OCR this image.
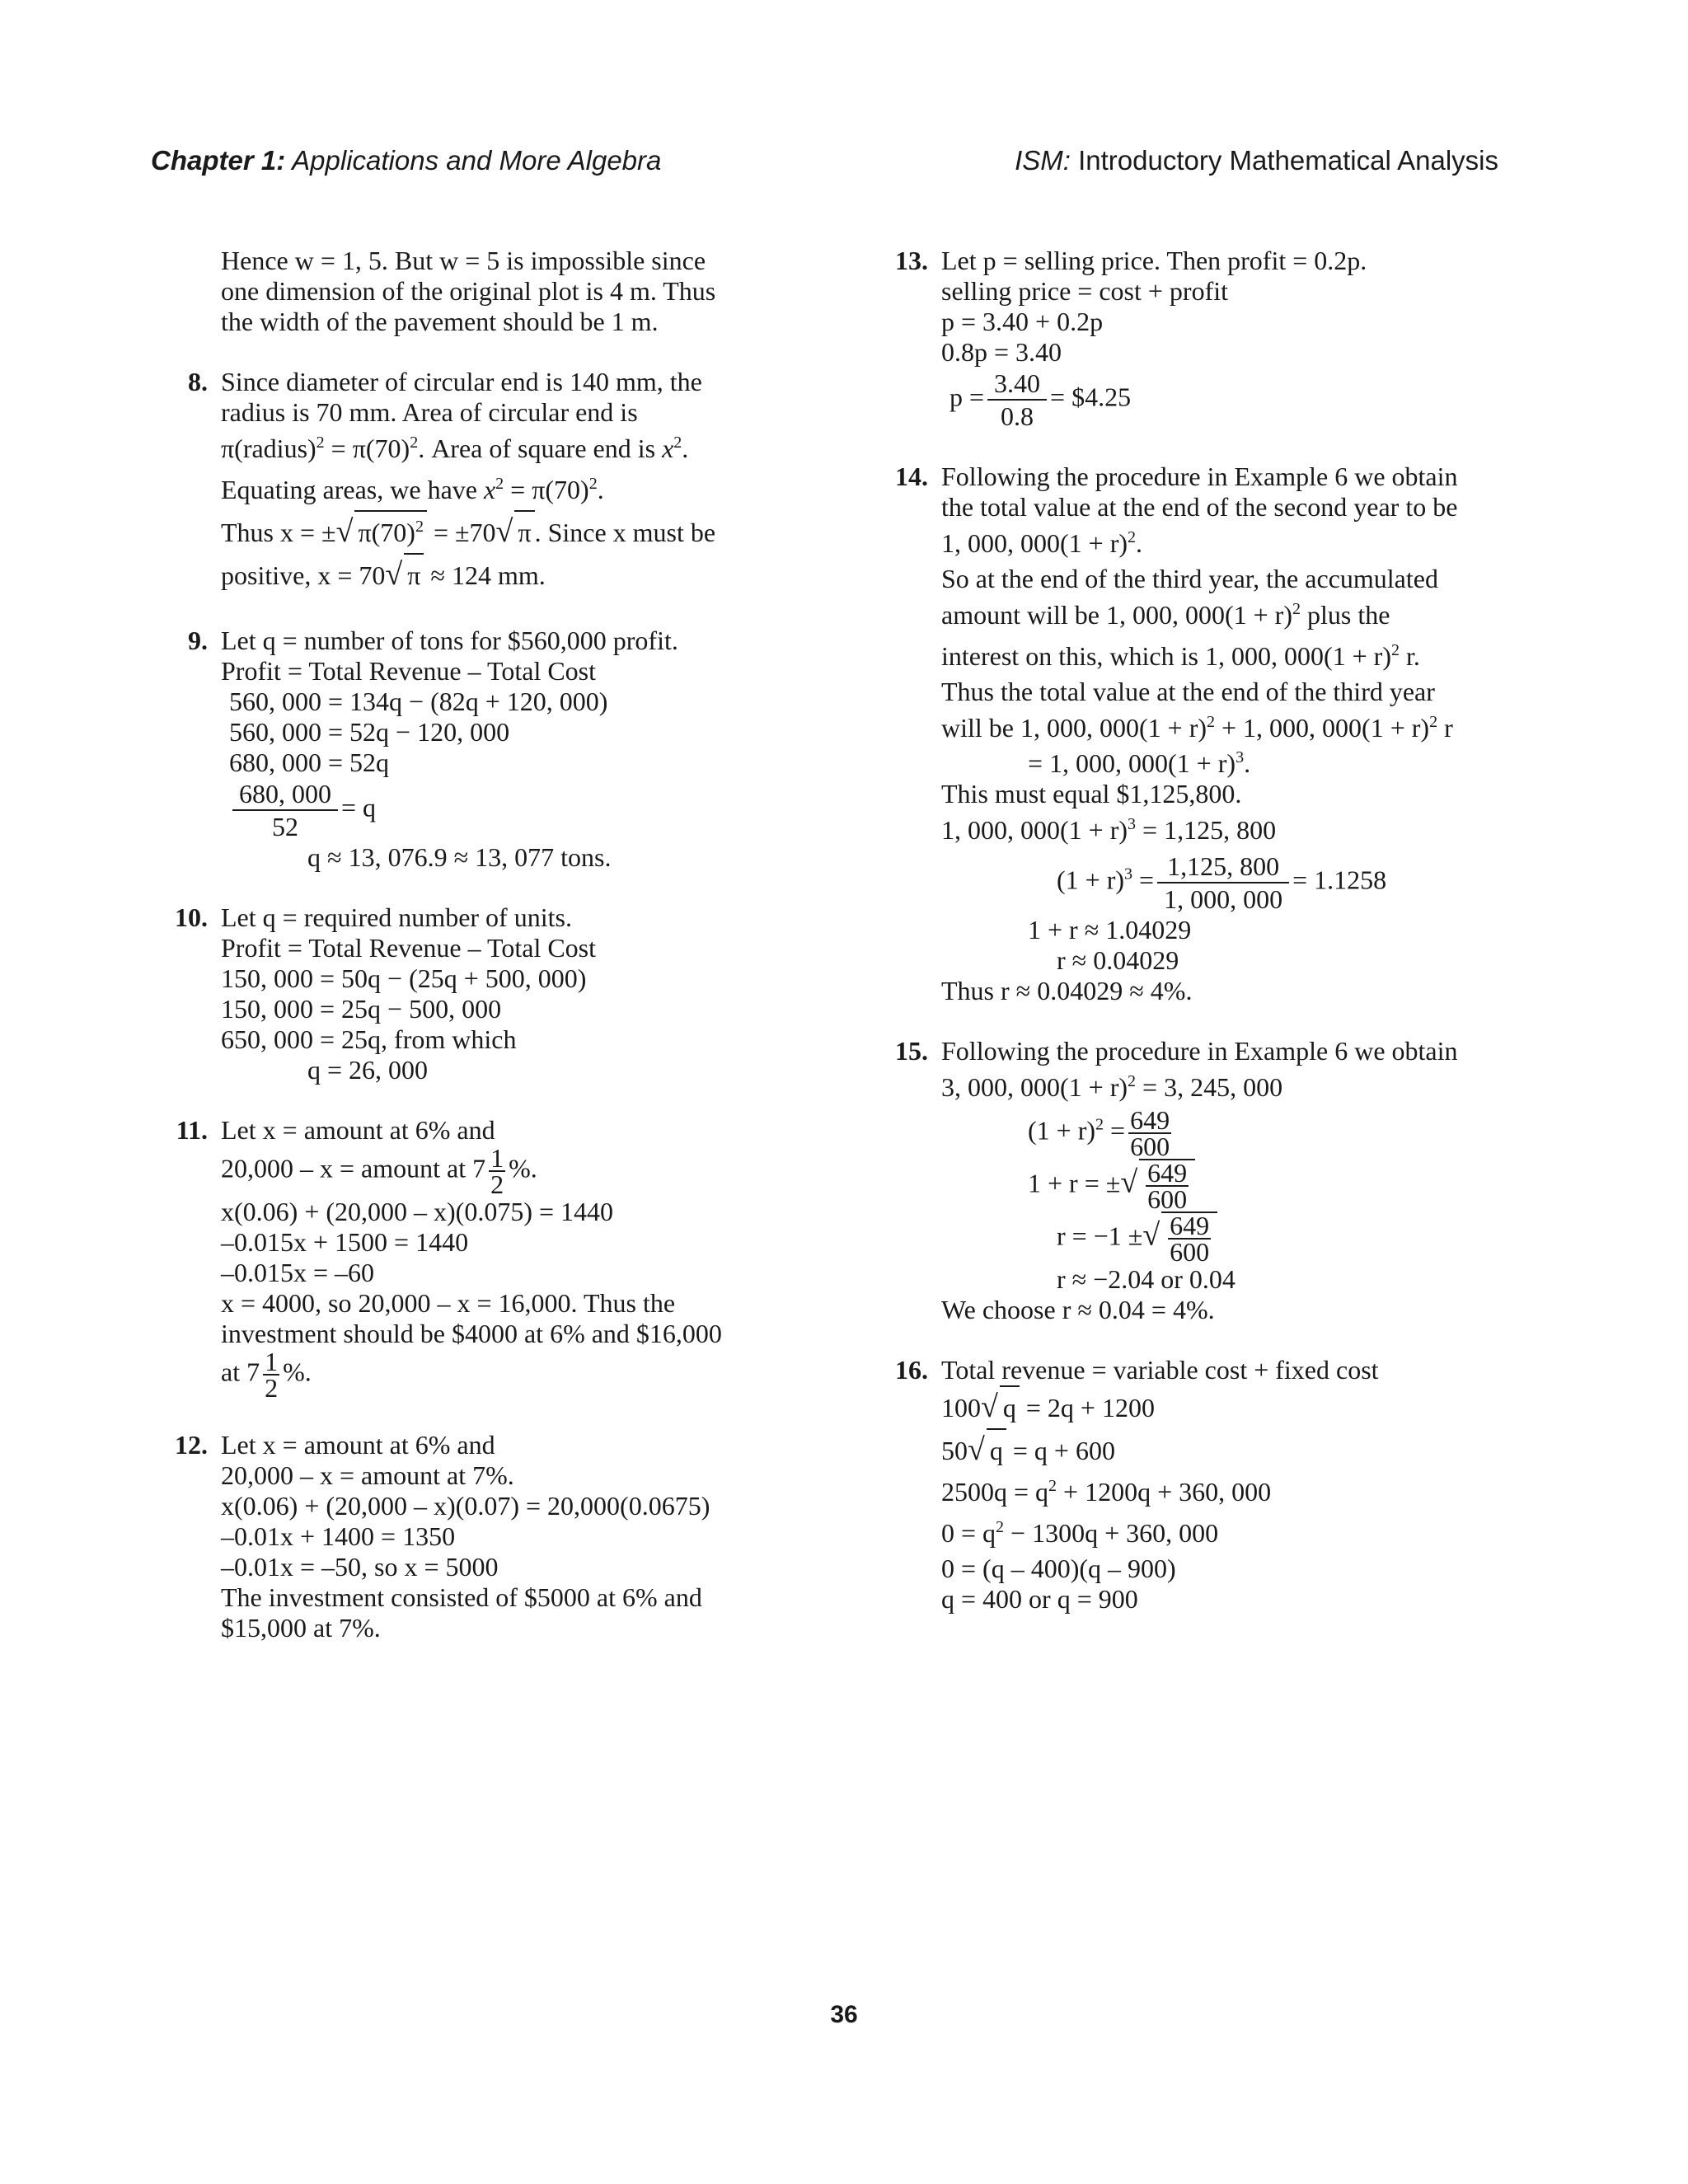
Chapter 1: Applications and More Algebra	ISM: Introductory Mathematical Analysis
Hence w = 1, 5. But w = 5 is impossible since
one dimension of the original plot is 4 m. Thus
the width of the pavement should be 1 m.
8. Since diameter of circular end is 140 mm, the
radius is 70 mm. Area of circular end is
π(radius)$^2$ = $\pi(70)^2$. Area of square end is $x^2$.
Equating areas, we have $x^2 = \pi(70)^2$.
Thus x = ±√ $\pi(70)^2 = \pm 70√$ π . Since x must be
positive, x = 70√ π ≈ 124 mm.
9. Let q = number of tons for $560,000 profit.
Profit = Total Revenue – Total Cost
560, 000 = 134q − (82q + 120, 000)
560, 000 = 52q − 120, 000
680, 000 = 52q
$\frac{680, 000}{52} = q$
q ≈ 13, 076.9 ≈ 13, 077 tons.
10. Let q = required number of units.
Profit = Total Revenue – Total Cost
150, 000 = 50q − (25q + 500, 000)
150, 000 = 25q − 500, 000
650, 000 = 25q, from which
q = 26, 000
11. Let x = amount at 6% and
20,000 – x = amount at $7 \frac{1}{2}$ %.
x(0.06) + (20,000 – x)(0.075) = 1440
–0.015x + 1500 = 1440
–0.015x = –60
x = 4000, so 20,000 – x = 16,000. Thus the
investment should be $4000 at 6% and $16,000
at $7 \frac{1}{2}$ %.
12. Let x = amount at 6% and
20,000 – x = amount at 7%.
x(0.06) + (20,000 – x)(0.07) = 20,000(0.0675)
–0.01x + 1400 = 1350
–0.01x = –50, so x = 5000
The investment consisted of $5000 at 6% and
$15,000 at 7%.
13. Let p = selling price. Then profit = 0.2p.
selling price = cost + profit
p = 3.40 + 0.2p
0.8p = 3.40
$p = \frac{3.40}{0.8}$ = $4.25
14. Following the procedure in Example 6 we obtain
the total value at the end of the second year to be
1, 000, $000(1 + r)^2$.
So at the end of the third year, the accumulated
amount will be 1, 000, $000(1 + r)^2$ plus the
interest on this, which is 1, 000, $000(1 + r)^2$ r.
Thus the total value at the end of the third year
will be 1, 000, $000(1 + r)^2 + 1$, 000, $000(1 + r)^2$ r
= 1, 000, $000(1 + r)^3$.
This must equal $1,125,800.
1, 000, $000(1 + r)^3 = 1,125$, 800
$(1 + r)^3 = \frac{1,125, 800}{1, 000, 000} = 1.1258$
1 + r ≈ 1.04029
r ≈ 0.04029
Thus r ≈ 0.04029 ≈ 4%.
15. Following the procedure in Example 6 we obtain
3, 000, $000(1 + r)^2 = 3$, 245, 000
$(1 + r)^2 = \frac{649}{600}$
1 + r = ±√ $\frac{649}{600}$
r = −1 ±√ $\frac{649}{600}$
r ≈ −2.04 or 0.04
We choose r ≈ 0.04 = 4%.
16. Total revenue = variable cost + fixed cost
100√ q = 2q + 1200
50√ q = q + 600
$2500q = q^2 + 1200q + 360$, 000
$0 = q^2 - 1300q + 360$, 000
0 = (q – 400)(q – 900)
q = 400 or q = 900
36
